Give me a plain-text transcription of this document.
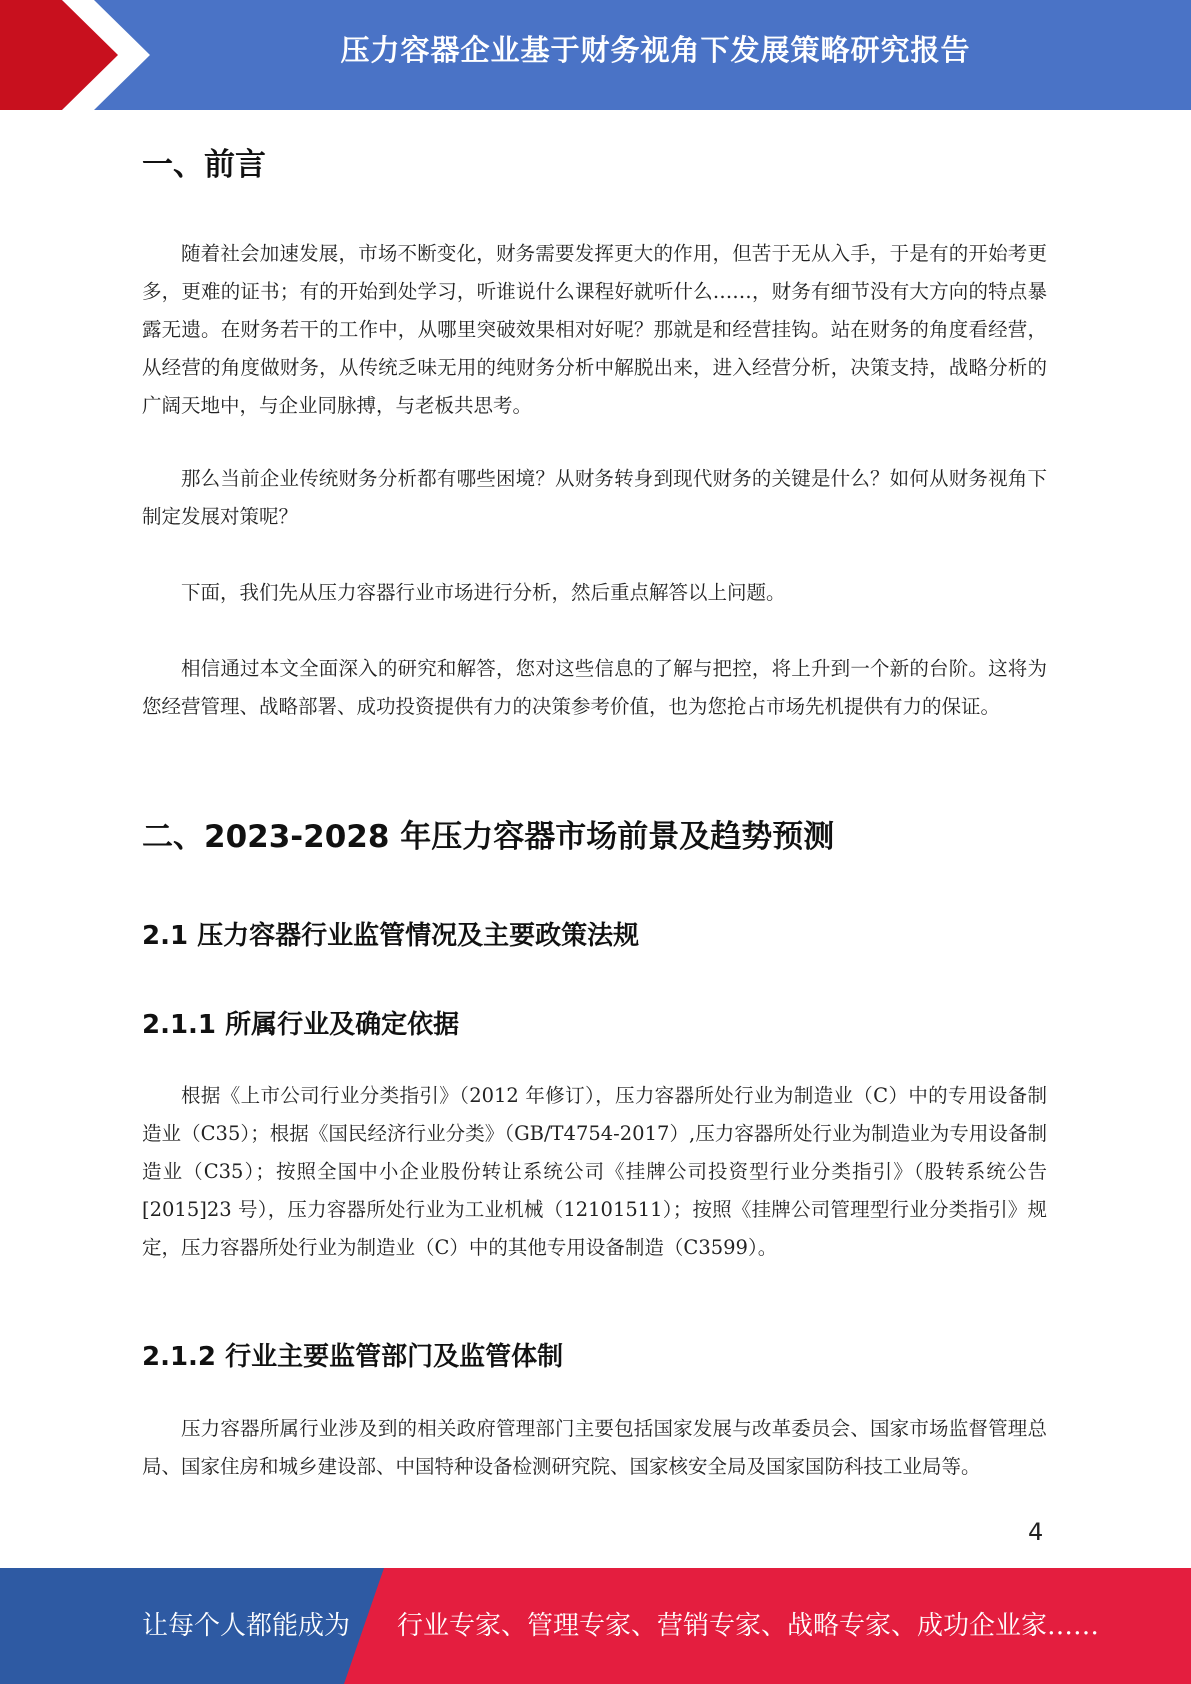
压力容器企业基于财务视角下发展策略研究报告
一、前言

随着社会加速发展，市场不断变化，财务需要发挥更大的作用，但苦于无从入手，于是有的开始考更多，更难的证书；有的开始到处学习，听谁说什么课程好就听什么……，财务有细节没有大方向的特点暴露无遗。在财务若干的工作中，从哪里突破效果相对好呢？那就是和经营挂钩。站在财务的角度看经营，从经营的角度做财务，从传统乏味无用的纯财务分析中解脱出来，进入经营分析，决策支持，战略分析的广阔天地中，与企业同脉搏，与老板共思考。

那么当前企业传统财务分析都有哪些困境？从财务转身到现代财务的关键是什么？如何从财务视角下制定发展对策呢？

下面，我们先从压力容器行业市场进行分析，然后重点解答以上问题。

相信通过本文全面深入的研究和解答，您对这些信息的了解与把控，将上升到一个新的台阶。这将为您经营管理、战略部署、成功投资提供有力的决策参考价值，也为您抢占市场先机提供有力的保证。

二、2023-2028 年压力容器市场前景及趋势预测
2.1 压力容器行业监管情况及主要政策法规
2.1.1 所属行业及确定依据

根据《上市公司行业分类指引》（2012 年修订），压力容器所处行业为制造业（C）中的专用设备制造业（C35）；根据《国民经济行业分类》（GB/T4754-2017）,压力容器所处行业为制造业为专用设备制造业（C35）；按照全国中小企业股份转让系统公司《挂牌公司投资型行业分类指引》（股转系统公告[2015]23 号），压力容器所处行业为工业机械（12101511）；按照《挂牌公司管理型行业分类指引》规定，压力容器所处行业为制造业（C）中的其他专用设备制造（C3599）。

2.1.2 行业主要监管部门及监管体制

压力容器所属行业涉及到的相关政府管理部门主要包括国家发展与改革委员会、国家市场监督管理总局、国家住房和城乡建设部、中国特种设备检测研究院、国家核安全局及国家国防科技工业局等。

4
让每个人都能成为 行业专家、管理专家、营销专家、战略专家、成功企业家……
